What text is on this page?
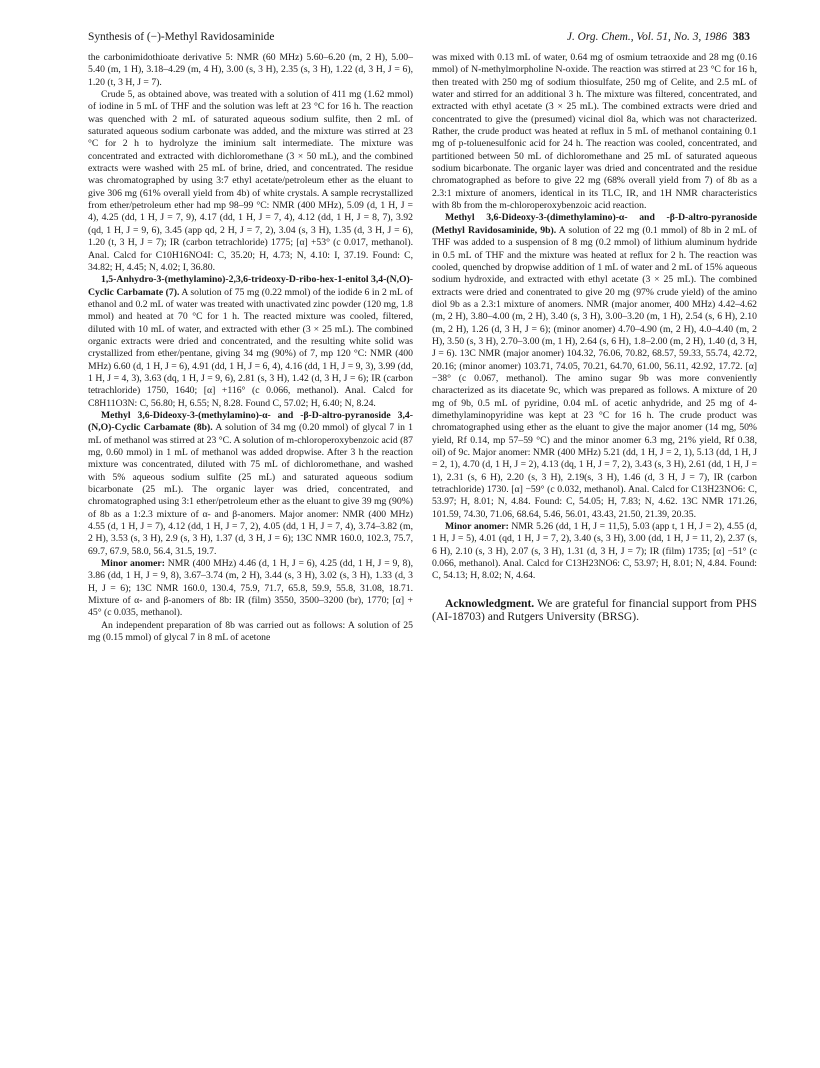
Synthesis of (−)-Methyl Ravidosaminide	J. Org. Chem., Vol. 51, No. 3, 1986 383

the carbonimidothioate derivative 5: NMR (60 MHz) 5.60–6.20 (m, 2 H), 5.00–5.40 (m, 1 H), 3.18–4.29 (m, 4 H), 3.00 (s, 3 H), 2.35 (s, 3 H), 1.22 (d, 3 H, J = 6), 1.20 (t, 3 H, J = 7).

Crude 5, as obtained above, was treated with a solution of 411 mg (1.62 mmol) of iodine in 5 mL of THF and the solution was left at 23 °C for 16 h. The reaction was quenched with 2 mL of saturated aqueous sodium sulfite, then 2 mL of saturated aqueous sodium carbonate was added, and the mixture was stirred at 23 °C for 2 h to hydrolyze the iminium salt intermediate. The mixture was concentrated and extracted with dichloromethane (3 × 50 mL), and the combined extracts were washed with 25 mL of brine, dried, and concentrated. The residue was chromatographed by using 3:7 ethyl acetate/petroleum ether as the eluant to give 306 mg (61% overall yield from 4b) of white crystals. A sample recrystallized from ether/petroleum ether had mp 98–99 °C: NMR (400 MHz), 5.09 (d, 1 H, J = 4), 4.25 (dd, 1 H, J = 7, 9), 4.17 (dd, 1 H, J = 7, 4), 4.12 (dd, 1 H, J = 8, 7), 3.92 (qd, 1 H, J = 9, 6), 3.45 (app qd, 2 H, J = 7, 2), 3.04 (s, 3 H), 1.35 (d, 3 H, J = 6), 1.20 (t, 3 H, J = 7); IR (carbon tetrachloride) 1775; [α] +53° (c 0.017, methanol). Anal. Calcd for C10H16NO4I: C, 35.20; H, 4.73; N, 4.10: I, 37.19. Found: C, 34.82; H, 4.45; N, 4.02; I, 36.80.

1,5-Anhydro-3-(methylamino)-2,3,6-trideoxy-D-ribo-hex-1-enitol 3,4-(N,O)-Cyclic Carbamate (7). A solution of 75 mg (0.22 mmol) of the iodide 6 in 2 mL of ethanol and 0.2 mL of water was treated with unactivated zinc powder (120 mg, 1.8 mmol) and heated at 70 °C for 1 h. The reacted mixture was cooled, filtered, diluted with 10 mL of water, and extracted with ether (3 × 25 mL). The combined organic extracts were dried and concentrated, and the resulting white solid was crystallized from ether/pentane, giving 34 mg (90%) of 7, mp 120 °C: NMR (400 MHz) 6.60 (d, 1 H, J = 6), 4.91 (dd, 1 H, J = 6, 4), 4.16 (dd, 1 H, J = 9, 3), 3.99 (dd, 1 H, J = 4, 3), 3.63 (dq, 1 H, J = 9, 6), 2.81 (s, 3 H), 1.42 (d, 3 H, J = 6); IR (carbon tetrachloride) 1750, 1640; [α] +116° (c 0.066, methanol). Anal. Calcd for C8H11O3N: C, 56.80; H, 6.55; N, 8.28. Found C, 57.02; H, 6.40; N, 8.24.

Methyl 3,6-Dideoxy-3-(methylamino)-α- and -β-D-altro-pyranoside 3,4-(N,O)-Cyclic Carbamate (8b). A solution of 34 mg (0.20 mmol) of glycal 7 in 1 mL of methanol was stirred at 23 °C. A solution of m-chloroperoxybenzoic acid (87 mg, 0.60 mmol) in 1 mL of methanol was added dropwise. After 3 h the reaction mixture was concentrated, diluted with 75 mL of dichloromethane, and washed with 5% aqueous sodium sulfite (25 mL) and saturated aqueous sodium bicarbonate (25 mL). The organic layer was dried, concentrated, and chromatographed using 3:1 ether/petroleum ether as the eluant to give 39 mg (90%) of 8b as a 1:2.3 mixture of α- and β-anomers. Major anomer: NMR (400 MHz) 4.55 (d, 1 H, J = 7), 4.12 (dd, 1 H, J = 7, 2), 4.05 (dd, 1 H, J = 7, 4), 3.74–3.82 (m, 2 H), 3.53 (s, 3 H), 2.9 (s, 3 H), 1.37 (d, 3 H, J = 6); 13C NMR 160.0, 102.3, 75.7, 69.7, 67.9, 58.0, 56.4, 31.5, 19.7.

Minor anomer: NMR (400 MHz) 4.46 (d, 1 H, J = 6), 4.25 (dd, 1 H, J = 9, 8), 3.86 (dd, 1 H, J = 9, 8), 3.67–3.74 (m, 2 H), 3.44 (s, 3 H), 3.02 (s, 3 H), 1.33 (d, 3 H, J = 6); 13C NMR 160.0, 130.4, 75.9, 71.7, 65.8, 59.9, 55.8, 31.08, 18.71. Mixture of α- and β-anomers of 8b: IR (film) 3550, 3500–3200 (br), 1770; [α] + 45° (c 0.035, methanol).

An independent preparation of 8b was carried out as follows: A solution of 25 mg (0.15 mmol) of glycal 7 in 8 mL of acetone

was mixed with 0.13 mL of water, 0.64 mg of osmium tetraoxide and 28 mg (0.16 mmol) of N-methylmorpholine N-oxide. The reaction was stirred at 23 °C for 16 h, then treated with 250 mg of sodium thiosulfate, 250 mg of Celite, and 2.5 mL of water and stirred for an additional 3 h. The mixture was filtered, concentrated, and extracted with ethyl acetate (3 × 25 mL). The combined extracts were dried and concentrated to give the (presumed) vicinal diol 8a, which was not characterized. Rather, the crude product was heated at reflux in 5 mL of methanol containing 0.1 mg of p-toluenesulfonic acid for 24 h. The reaction was cooled, concentrated, and partitioned between 50 mL of dichloromethane and 25 mL of saturated aqueous sodium bicarbonate. The organic layer was dried and concentrated and the residue chromatographed as before to give 22 mg (68% overall yield from 7) of 8b as a 2.3:1 mixture of anomers, identical in its TLC, IR, and 1H NMR characteristics with 8b from the m-chloroperoxybenzoic acid reaction.

Methyl 3,6-Dideoxy-3-(dimethylamino)-α- and -β-D-altro-pyranoside (Methyl Ravidosaminide, 9b). A solution of 22 mg (0.1 mmol) of 8b in 2 mL of THF was added to a suspension of 8 mg (0.2 mmol) of lithium aluminum hydride in 0.5 mL of THF and the mixture was heated at reflux for 2 h. The reaction was cooled, quenched by dropwise addition of 1 mL of water and 2 mL of 15% aqueous sodium hydroxide, and extracted with ethyl acetate (3 × 25 mL). The combined extracts were dried and conentrated to give 20 mg (97% crude yield) of the amino diol 9b as a 2.3:1 mixture of anomers. NMR (major anomer, 400 MHz) 4.42–4.62 (m, 2 H), 3.80–4.00 (m, 2 H), 3.40 (s, 3 H), 3.00–3.20 (m, 1 H), 2.54 (s, 6 H), 2.10 (m, 2 H), 1.26 (d, 3 H, J = 6); (minor anomer) 4.70–4.90 (m, 2 H), 4.0–4.40 (m, 2 H), 3.50 (s, 3 H), 2.70–3.00 (m, 1 H), 2.64 (s, 6 H), 1.8–2.00 (m, 2 H), 1.40 (d, 3 H, J = 6). 13C NMR (major anomer) 104.32, 76.06, 70.82, 68.57, 59.33, 55.74, 42.72, 20.16; (minor anomer) 103.71, 74.05, 70.21, 64.70, 61.00, 56.11, 42.92, 17.72. [α] −38° (c 0.067, methanol). The amino sugar 9b was more conveniently characterized as its diacetate 9c, which was prepared as follows. A mixture of 20 mg of 9b, 0.5 mL of pyridine, 0.04 mL of acetic anhydride, and 25 mg of 4-dimethylaminopyridine was kept at 23 °C for 16 h. The crude product was chromatographed using ether as the eluant to give the major anomer (14 mg, 50% yield, Rf 0.14, mp 57–59 °C) and the minor anomer 6.3 mg, 21% yield, Rf 0.38, oil) of 9c. Major anomer: NMR (400 MHz) 5.21 (dd, 1 H, J = 2, 1), 5.13 (dd, 1 H, J = 2, 1), 4.70 (d, 1 H, J = 2), 4.13 (dq, 1 H, J = 7, 2), 3.43 (s, 3 H), 2.61 (dd, 1 H, J = 1), 2.31 (s, 6 H), 2.20 (s, 3 H), 2.19(s, 3 H), 1.46 (d, 3 H, J = 7), IR (carbon tetrachloride) 1730. [α] −59° (c 0.032, methanol). Anal. Calcd for C13H23NO6: C, 53.97; H, 8.01; N, 4.84. Found: C, 54.05; H, 7.83; N, 4.62. 13C NMR 171.26, 101.59, 74.30, 71.06, 68.64, 5.46, 56.01, 43.43, 21.50, 21.39, 20.35.

Minor anomer: NMR 5.26 (dd, 1 H, J = 11,5), 5.03 (app t, 1 H, J = 2), 4.55 (d, 1 H, J = 5), 4.01 (qd, 1 H, J = 7, 2), 3.40 (s, 3 H), 3.00 (dd, 1 H, J = 11, 2), 2.37 (s, 6 H), 2.10 (s, 3 H), 2.07 (s, 3 H), 1.31 (d, 3 H, J = 7); IR (film) 1735; [α] −51° (c 0.066, methanol). Anal. Calcd for C13H23NO6: C, 53.97; H, 8.01; N, 4.84. Found: C, 54.13; H, 8.02; N, 4.64.

Acknowledgment. We are grateful for financial support from PHS (AI-18703) and Rutgers University (BRSG).
